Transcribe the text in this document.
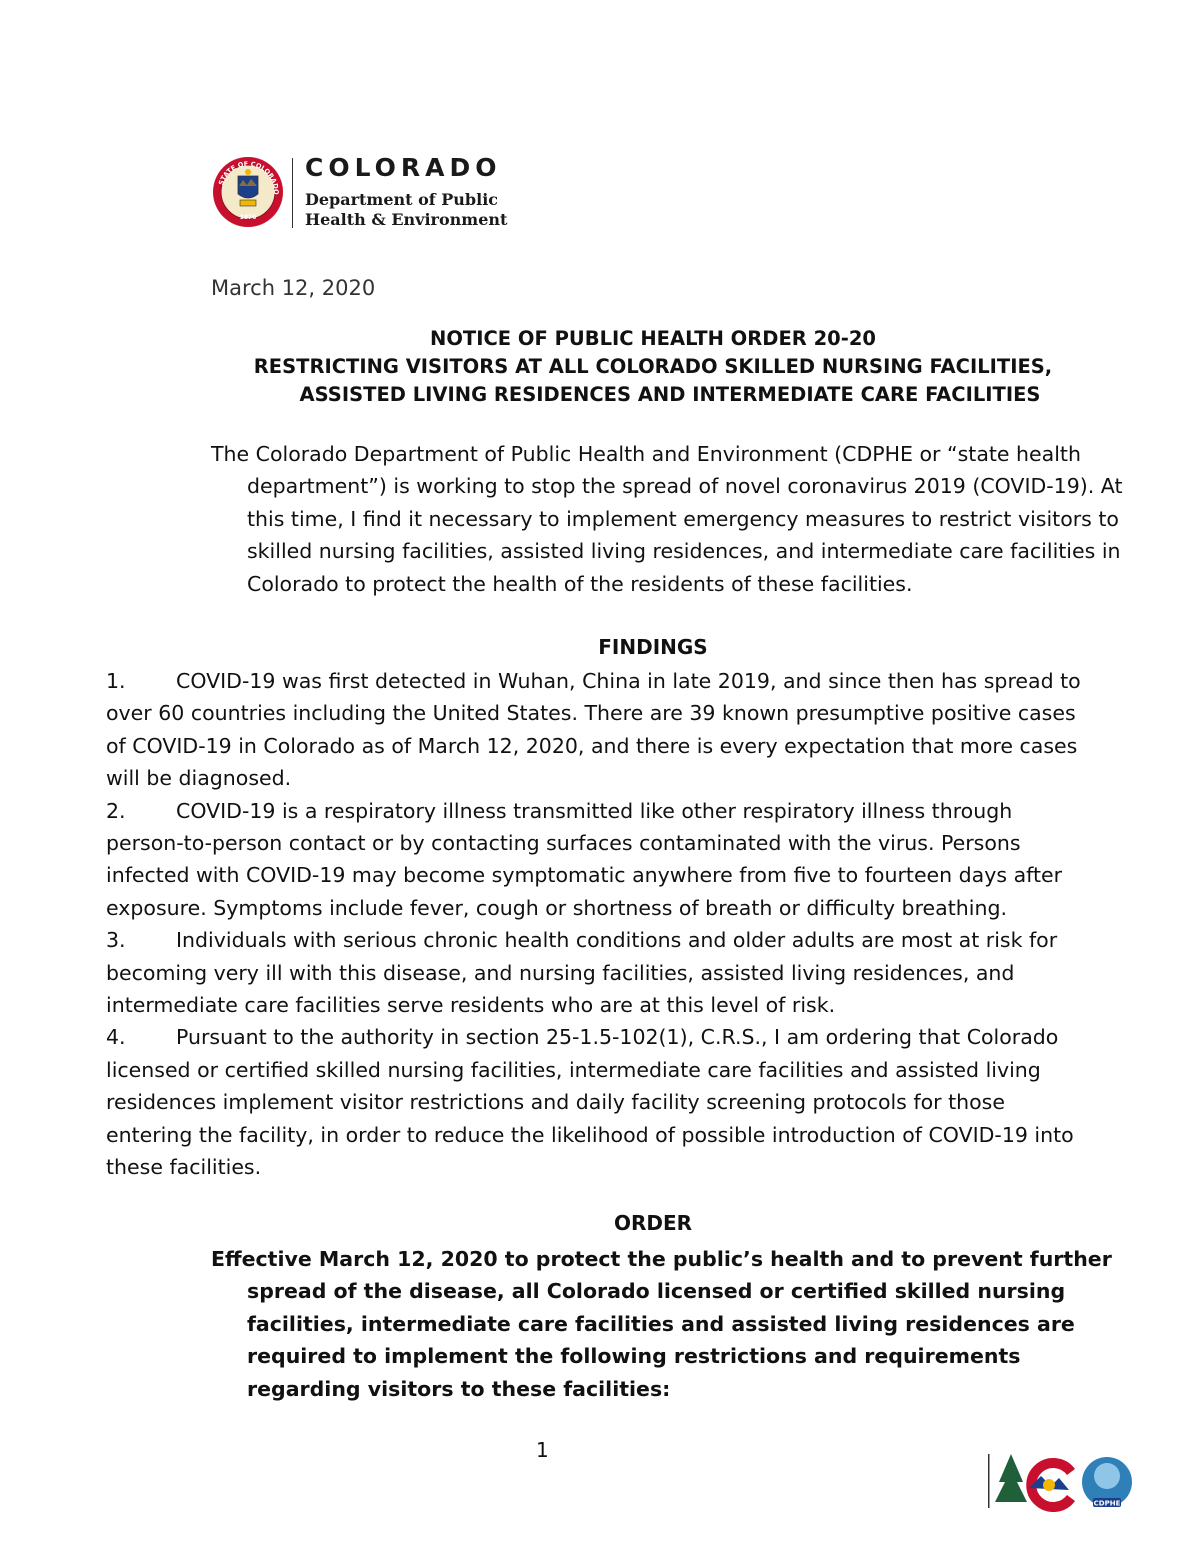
STATE OF COLORADO
1876
COLORADO
Department of Public
Health & Environment
March 12, 2020
NOTICE OF PUBLIC HEALTH ORDER 20-20
RESTRICTING VISITORS AT ALL COLORADO SKILLED NURSING FACILITIES,
ASSISTED LIVING RESIDENCES AND INTERMEDIATE CARE FACILITIES
The Colorado Department of Public Health and Environment (CDPHE or “state health department”) is working to stop the spread of novel coronavirus 2019 (COVID-19). At this time, I find it necessary to implement emergency measures to restrict visitors to skilled nursing facilities, assisted living residences, and intermediate care facilities in Colorado to protect the health of the residents of these facilities.
FINDINGS
1. COVID-19 was first detected in Wuhan, China in late 2019, and since then has spread to over 60 countries including the United States. There are 39 known presumptive positive cases of COVID-19 in Colorado as of March 12, 2020, and there is every expectation that more cases will be diagnosed.
2. COVID-19 is a respiratory illness transmitted like other respiratory illness through person-to-person contact or by contacting surfaces contaminated with the virus. Persons infected with COVID-19 may become symptomatic anywhere from five to fourteen days after exposure. Symptoms include fever, cough or shortness of breath or difficulty breathing.
3. Individuals with serious chronic health conditions and older adults are most at risk for becoming very ill with this disease, and nursing facilities, assisted living residences, and intermediate care facilities serve residents who are at this level of risk.
4. Pursuant to the authority in section 25-1.5-102(1), C.R.S., I am ordering that Colorado licensed or certified skilled nursing facilities, intermediate care facilities and assisted living residences implement visitor restrictions and daily facility screening protocols for those entering the facility, in order to reduce the likelihood of possible introduction of COVID-19 into these facilities.
ORDER
Effective March 12, 2020 to protect the public’s health and to prevent further spread of the disease, all Colorado licensed or certified skilled nursing facilities, intermediate care facilities and assisted living residences are required to implement the following restrictions and requirements regarding visitors to these facilities:
1
CDPHE
